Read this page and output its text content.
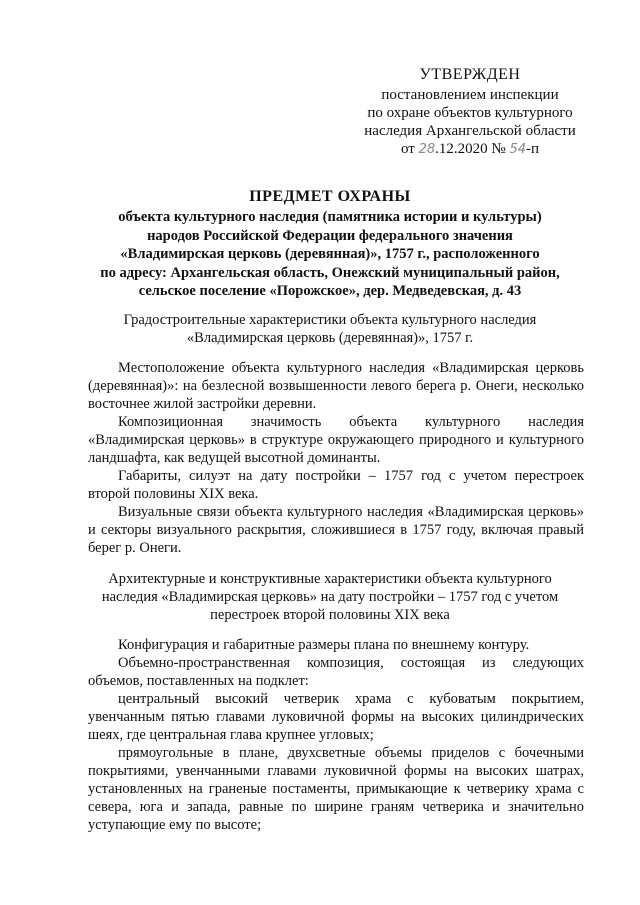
УТВЕРЖДЕН
постановлением инспекции
по охране объектов культурного
наследия Архангельской области
от 28.12.2020 № 54-п
ПРЕДМЕТ ОХРАНЫ
объекта культурного наследия (памятника истории и культуры)
народов Российской Федерации федерального значения
«Владимирская церковь (деревянная)», 1757 г., расположенного
по адресу: Архангельская область, Онежский муниципальный район,
сельское поселение «Порожское», дер. Медведевская, д. 43
Градостроительные характеристики объекта культурного наследия
«Владимирская церковь (деревянная)», 1757 г.

Местоположение объекта культурного наследия «Владимирская церковь (деревянная)»: на безлесной возвышенности левого берега р. Онеги, несколько восточнее жилой застройки деревни.

Композиционная значимость объекта культурного наследия «Владимирская церковь» в структуре окружающего природного и культурного ландшафта, как ведущей высотной доминанты.

Габариты, силуэт на дату постройки – 1757 год с учетом перестроек второй половины XIX века.

Визуальные связи объекта культурного наследия «Владимирская церковь» и секторы визуального раскрытия, сложившиеся в 1757 году, включая правый берег р. Онеги.

Архитектурные и конструктивные характеристики объекта культурного
наследия «Владимирская церковь» на дату постройки – 1757 год с учетом
перестроек второй половины XIX века

Конфигурация и габаритные размеры плана по внешнему контуру.

Объемно-пространственная композиция, состоящая из следующих объемов, поставленных на подклет:

центральный высокий четверик храма с кубоватым покрытием, увенчанным пятью главами луковичной формы на высоких цилиндрических шеях, где центральная глава крупнее угловых;

прямоугольные в плане, двухсветные объемы приделов с бочечными покрытиями, увенчанными главами луковичной формы на высоких шатрах, установленных на граненые постаменты, примыкающие к четверику храма с севера, юга и запада, равные по ширине граням четверика и значительно уступающие ему по высоте;
